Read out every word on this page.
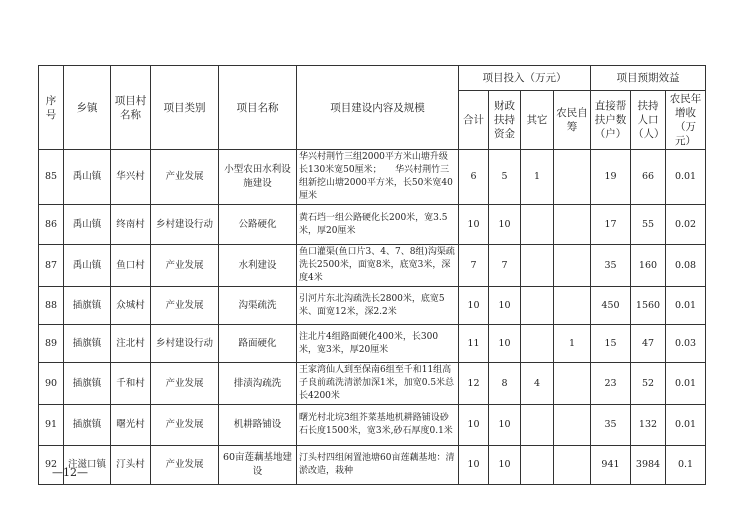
序号	乡镇	项目村名称	项目类别	项目名称	项目建设内容及规模	项目投入（万元）				项目预期效益		
						合计	财政扶持资金	其它	农民自筹	直接帮扶户数（户）	扶持人口（人）	农民年增收（万元）
85	禹山镇	华兴村	产业发展	小型农田水利设施建设	华兴村荆竹三组2000平方米山塘升级长130米宽50厘米；　　华兴村荆竹三组新挖山塘2000平方米，长50米宽40厘米	6	5	1		19	66	0.01
86	禹山镇	终南村	乡村建设行动	公路硬化	黄石垱一组公路硬化长200米，宽3.5米，厚20厘米	10	10			17	55	0.02
87	禹山镇	鱼口村	产业发展	水利建设	鱼口灌渠(鱼口片3、4、7、8组)沟渠疏洗长2500米，面宽8米，底宽3米，深度4米	7	7			35	160	0.08
88	插旗镇	众城村	产业发展	沟渠疏洗	引河片东北沟疏洗长2800米，底宽5米、面宽12米，深2.2米	10	10			450	1560	0.01
89	插旗镇	注北村	乡村建设行动	路面硬化	注北片4组路面硬化400米，长300米，宽3米，厚20厘米	11	10		1	15	47	0.03
90	插旗镇	千和村	产业发展	排渍沟疏洗	王家湾仙人到至保南6组至千和11组高子良前疏洗清淤加深1米，加宽0.5米总长4200米	12	8	4		23	52	0.01
91	插旗镇	曙光村	产业发展	机耕路铺设	曙光村北垸3组芥菜基地机耕路铺设砂石长度1500米，宽3米,砂石厚度0.1米	10	10			35	132	0.01
92	注滋口镇	汀头村	产业发展	60亩莲藕基地建设	汀头村四组闲置池塘60亩莲藕基地：清淤改造，栽种	10	10			941	3984	0.1
—12—
